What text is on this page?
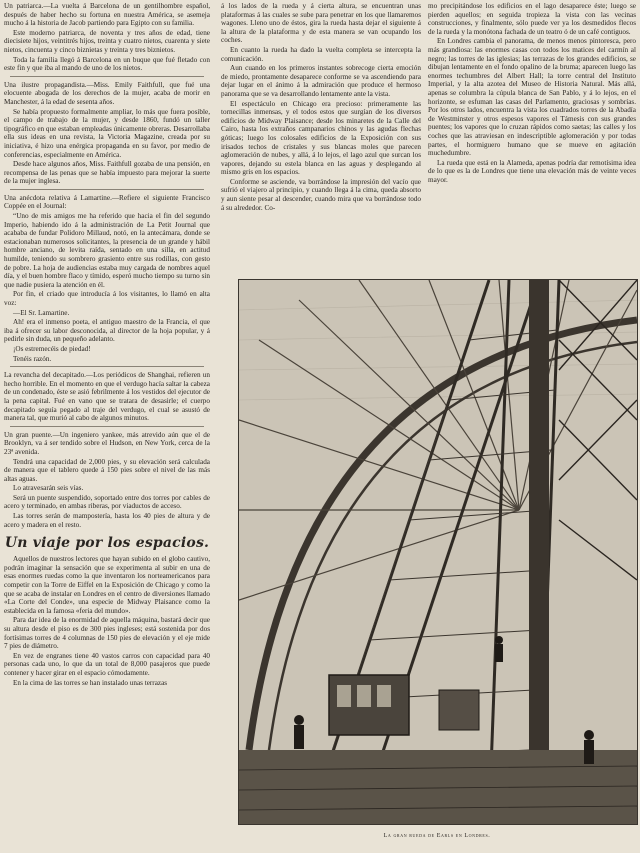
Un patriarca.—La vuelta á Barcelona de un gentilhombre español, después de haber hecho su fortuna en nuestra América, se asemeja mucho á la historia de Jacob partiendo para Egipto con su familia.

Este moderno patriarca, de noventa y tres años de edad, tiene diecisiete hijos, veintitrés hijos, treinta y cuatro nietos, cuarenta y siete nietos, cincuenta y cinco biznietas y treinta y tres biznietos.

Toda la familia llegó á Barcelona en un buque que fué fletado con este fin y que iba al mando de uno de los nietos.

Una ilustre propagandista.—Miss. Emily Faithfull, que fué una elocuente abogada de los derechos de la mujer, acaba de morir en Manchester, á la edad de sesenta años.

Se había propuesto formalmente ampliar, lo más que fuera posible, el campo de trabajo de la mujer, y desde 1860, fundó un taller tipográfico en que estaban empleadas únicamente obreras. Desarrollaba ella sus ideas en una revista, la Victoria Magazine, creada por su iniciativa, é hizo una enérgica propaganda en su favor, por medio de conferencias, especialmente en América.

Desde hace algunos años, Miss. Faithfull gozaba de una pensión, en recompensa de las penas que se había impuesto para mejorar la suerte de la mujer inglesa.

Una anécdota relativa á Lamartine.—Refiere el siguiente Francisco Coppée en el Journal:

“Uno de mis amigos me ha referido que hacia el fin del segundo Imperio, habiendo ido á la administración de La Petit Journal que acababa de fundar Polidoro Millaud, notó, en la antecámara, donde se estacionaban numerosos solicitantes, la presencia de un grande y hábil hombre anciano, de levita raída, sentado en una silla, en actitud humilde, teniendo su sombrero grasiento entre sus rodillas, con gesto de pobre. La hoja de audiencias estaba muy cargada de nombres aquel día, y el buen hombre flaco y tímido, esperó mucho tiempo su turno sin que nadie pusiera la atención en él.

Por fin, el criado que introducía á los visitantes, lo llamó en alta voz:

—El Sr. Lamartine.

Ah! era el inmenso poeta, el antiguo maestro de la Francia, el que iba á ofrecer su labor desconocida, al director de la hoja popular, y á pedirle sin duda, un pequeño adelanto.

¡Os estremecéis de piedad!

Tenéis razón.

La revancha del decapitado.—Los periódicos de Shanghai, refieren un hecho horrible. En el momento en que el verdugo hacía saltar la cabeza de un condenado, éste se asió febrilmente á los vestidos del ejecutor de la pena capital. Fué en vano que se tratara de desasirle; el cuerpo decapitado seguía pegado al traje del verdugo, el cual se asustó de manera tal, que murió al cabo de algunos minutos.

Un gran puente.—Un ingeniero yankee, más atrevido aún que el de Brooklyn, va á ser tendido sobre el Hudson, en New York, cerca de la 23ª avenida.

Tendrá una capacidad de 2,000 pies, y su elevación será calculada de manera que el tablero quede á 150 pies sobre el nivel de las más altas aguas.

Lo atravesarán seis vías.

Será un puente suspendido, soportado entre dos torres por cables de acero y terminado, en ambas riberas, por viaductos de acceso.

Las torres serán de mampostería, hasta los 40 pies de altura y de acero y madera en el resto.

Un viaje por los espacios.

Aquellos de nuestros lectores que hayan subido en el globo cautivo, podrán imaginar la sensación que se experimenta al subir en una de esas enormes ruedas como la que inventaron los norteamericanos para competir con la Torre de Eiffel en la Exposición de Chicago y como la que se acaba de instalar en Londres en el centro de diversiones llamado «La Corte del Conde», una especie de Midway Plaisance como la establecida en la famosa «feria del mundo».

Para dar idea de la enormidad de aquella máquina, bastará decir que su altura desde el piso es de 300 pies ingleses; está sostenida por dos fortísimas torres de 4 columnas de 150 pies de elevación y el eje mide 7 pies de diámetro.

En vez de engranes tiene 40 vastos carros con capacidad para 40 personas cada uno, lo que da un total de 8,000 pasajeros que puede contener y hacer girar en el espacio cómodamente.

En la cima de las torres se han instalado unas terrazas

á los lados de la rueda y á cierta altura, se encuentran unas plataformas á las cuales se sube para penetrar en los que llamaremos wagones. Lleno uno de éstos, gira la rueda hasta dejar el siguiente á la altura de la plataforma y de esta manera se van ocupando los coches.

En cuanto la rueda ha dado la vuelta completa se intercepta la comunicación.

Aun cuando en los primeros instantes sobrecoge cierta emoción de miedo, prontamente desaparece conforme se va ascendiendo para dejar lugar en el ánimo á la admiración que produce el hermoso panorama que se va desarrollando lentamente ante la vista.

El espectáculo en Chicago era precioso: primeramente las tornecillas inmensas, y el todos estos que surgían de los diversos edificios de Midway Plaisance; desde los minaretes de la Calle del Cairo, hasta los extraños campanarios chinos y las agudas flechas góticas; luego los colosales edificios de la Exposición con sus irisados techos de cristales y sus blancas moles que parecen aglomeración de nubes, y allá, á lo lejos, el lago azul que surcan los vapores, dejando su estela blanca en las aguas y desplegando al mismo gris en los espacios.

Conforme se asciende, va borrándose la impresión del vacío que sufrió el viajero al principio, y cuando llega á la cima, queda absorto y aun siente pesar al descender, cuando mira que va borrándose todo á su alrededor. Co-

mo precipitándose los edificios en el lago desaparece éste; luego se pierden aquellos; en seguida tropieza la vista con las vecinas construcciones, y finalmente, sólo puede ver ya los desmedidos flecos de la rueda y la monótona fachada de un teatro ó de un café contiguos.

En Londres cambia el panorama, de menos menos pintoresca, pero más grandiosa: las enormes casas con todos los matices del carmín al negro; las torres de las iglesias; las terrazas de los grandes edificios, se dibujan lentamente en el fondo opalino de la bruma; aparecen luego las enormes techumbres del Albert Hall; la torre central del Instituto Imperial, y la alta azotea del Museo de Historia Natural. Más allá, apenas se columbra la cúpula blanca de San Pablo, y á lo lejos, en el horizonte, se esfuman las casas del Parlamento, graciosas y sombrías. Por los otros lados, encuentra la vista los cuadrados torres de la Abadía de Westminster y otros espesos vapores el Támesis con sus grandes puentes; los vapores que lo cruzan rápidos como saetas; las calles y los coches que las atraviesan en indescriptible aglomeración y por todas partes, el hormiguero humano que se mueve en agitación muchedumbre.

La rueda que está en la Alameda, apenas podría dar remotísima idea de lo que es la de Londres que tiene una elevación más de veinte veces mayor.

La gran rueda de Earls en Londres.
